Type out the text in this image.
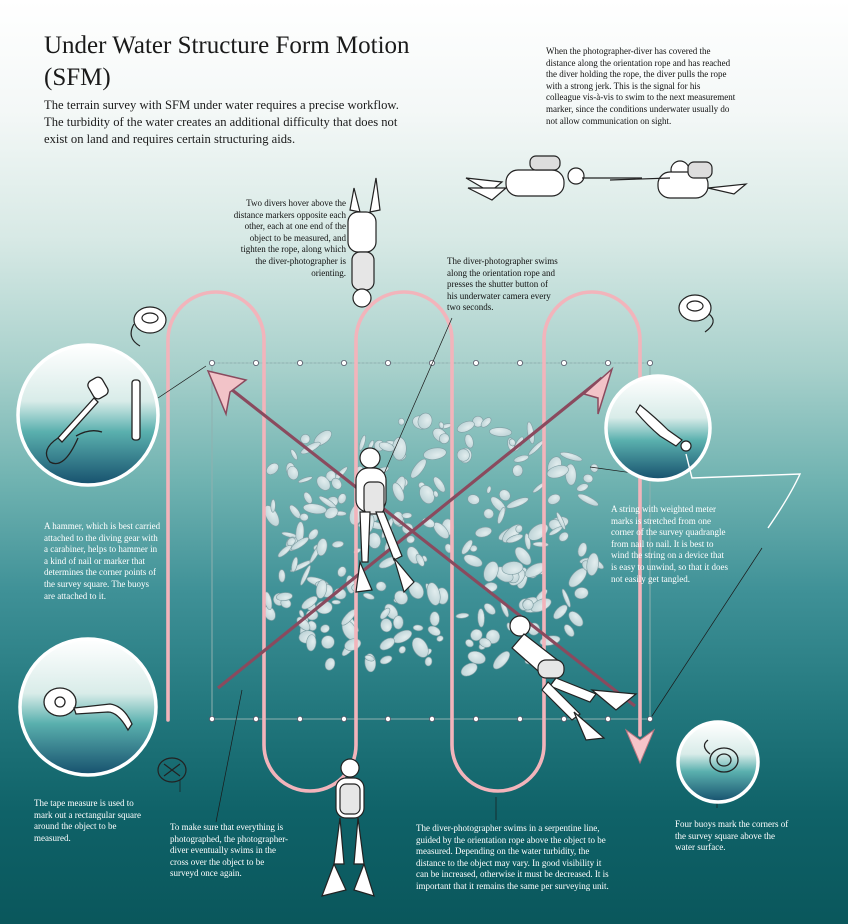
Under Water Structure Form Motion (SFM)

The terrain survey with SFM under water requires a precise workflow. The turbidity of the water creates an additional difficulty that does not exist on land and requires certain structuring aids.

When the photographer-diver has covered the distance along the orientation rope and has reached the diver holding the rope, the diver pulls the rope with a strong jerk. This is the signal for his colleague vis-à-vis to swim to the next measurement marker, since the conditions underwater usually do not allow communication on sight.

Two divers hover above the distance markers opposite each other, each at one end of the object to be measured, and tighten the rope, along which the diver-photographer is orienting.

The diver-photographer swims along the orientation rope and presses the shutter button of his underwater camera every two seconds.

A hammer, which is best carried attached to the diving gear with a carabiner, helps to hammer in a kind of nail or marker that determines the corner points of the survey square. The buoys are attached to it.

A string with weighted meter marks is stretched from one corner of the survey quadrangle from nail to nail. It is best to wind the string on a device that is easy to unwind, so that it does not easily get tangled.

The tape measure is used to mark out a rectangular square around the object to be measured.

To make sure that everything is photographed, the photographer-diver eventually swims in the cross over the object to be surveyd once again.

The diver-photographer swims in a serpentine line, guided by the orientation rope above the object to be measured. Depending on the water turbidity, the distance to the object may vary. In good visibility it can be increased, otherwise it must be decreased. It is important that it remains the same per surveying unit.

Four buoys mark the corners of the survey square above the water surface.
